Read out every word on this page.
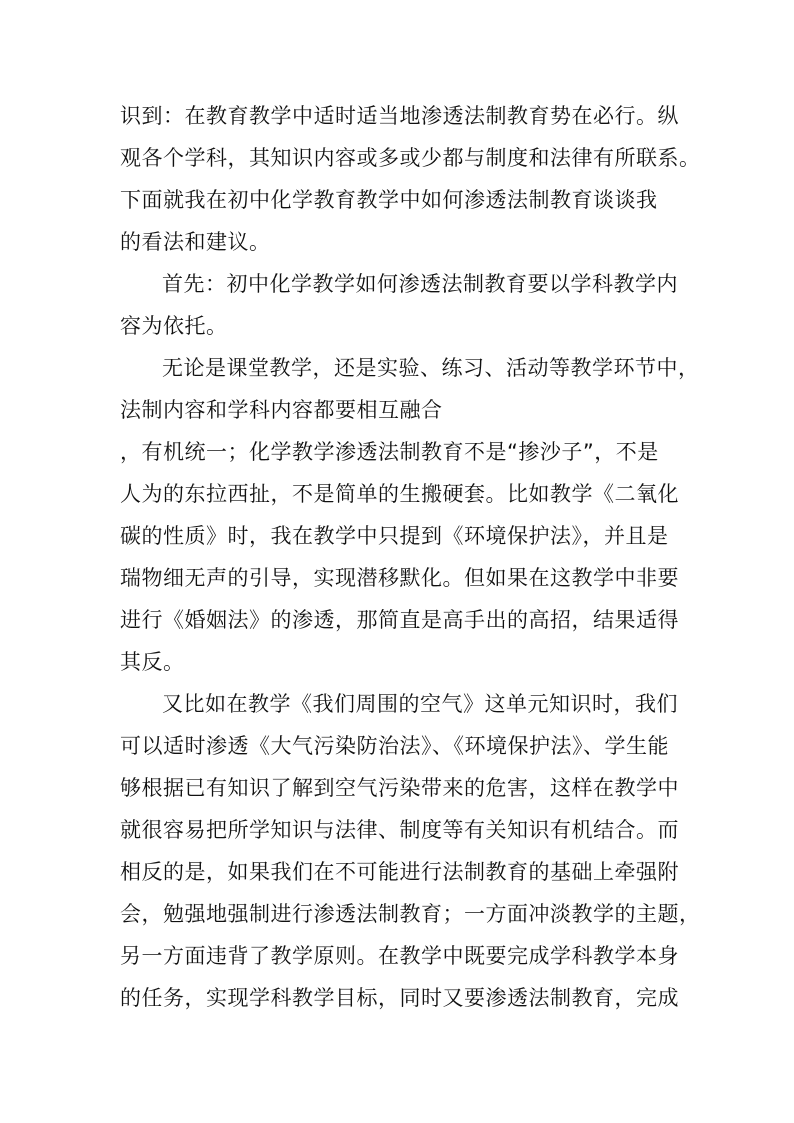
识到：在教育教学中适时适当地渗透法制教育势在必行。纵
观各个学科，其知识内容或多或少都与制度和法律有所联系。
下面就我在初中化学教育教学中如何渗透法制教育谈谈我
的看法和建议。
首先：初中化学教学如何渗透法制教育要以学科教学内
容为依托。
无论是课堂教学，还是实验、练习、活动等教学环节中，
法制内容和学科内容都要相互融合
，有机统一；化学教学渗透法制教育不是“掺沙子”，不是
人为的东拉西扯，不是简单的生搬硬套。比如教学《二氧化
碳的性质》时，我在教学中只提到《环境保护法》，并且是
瑞物细无声的引导，实现潜移默化。但如果在这教学中非要
进行《婚姻法》的渗透，那简直是高手出的高招，结果适得
其反。
又比如在教学《我们周围的空气》这单元知识时，我们
可以适时渗透《大气污染防治法》、《环境保护法》、学生能
够根据已有知识了解到空气污染带来的危害，这样在教学中
就很容易把所学知识与法律、制度等有关知识有机结合。而
相反的是，如果我们在不可能进行法制教育的基础上牵强附
会，勉强地强制进行渗透法制教育；一方面冲淡教学的主题，
另一方面违背了教学原则。在教学中既要完成学科教学本身
的任务，实现学科教学目标，同时又要渗透法制教育，完成
